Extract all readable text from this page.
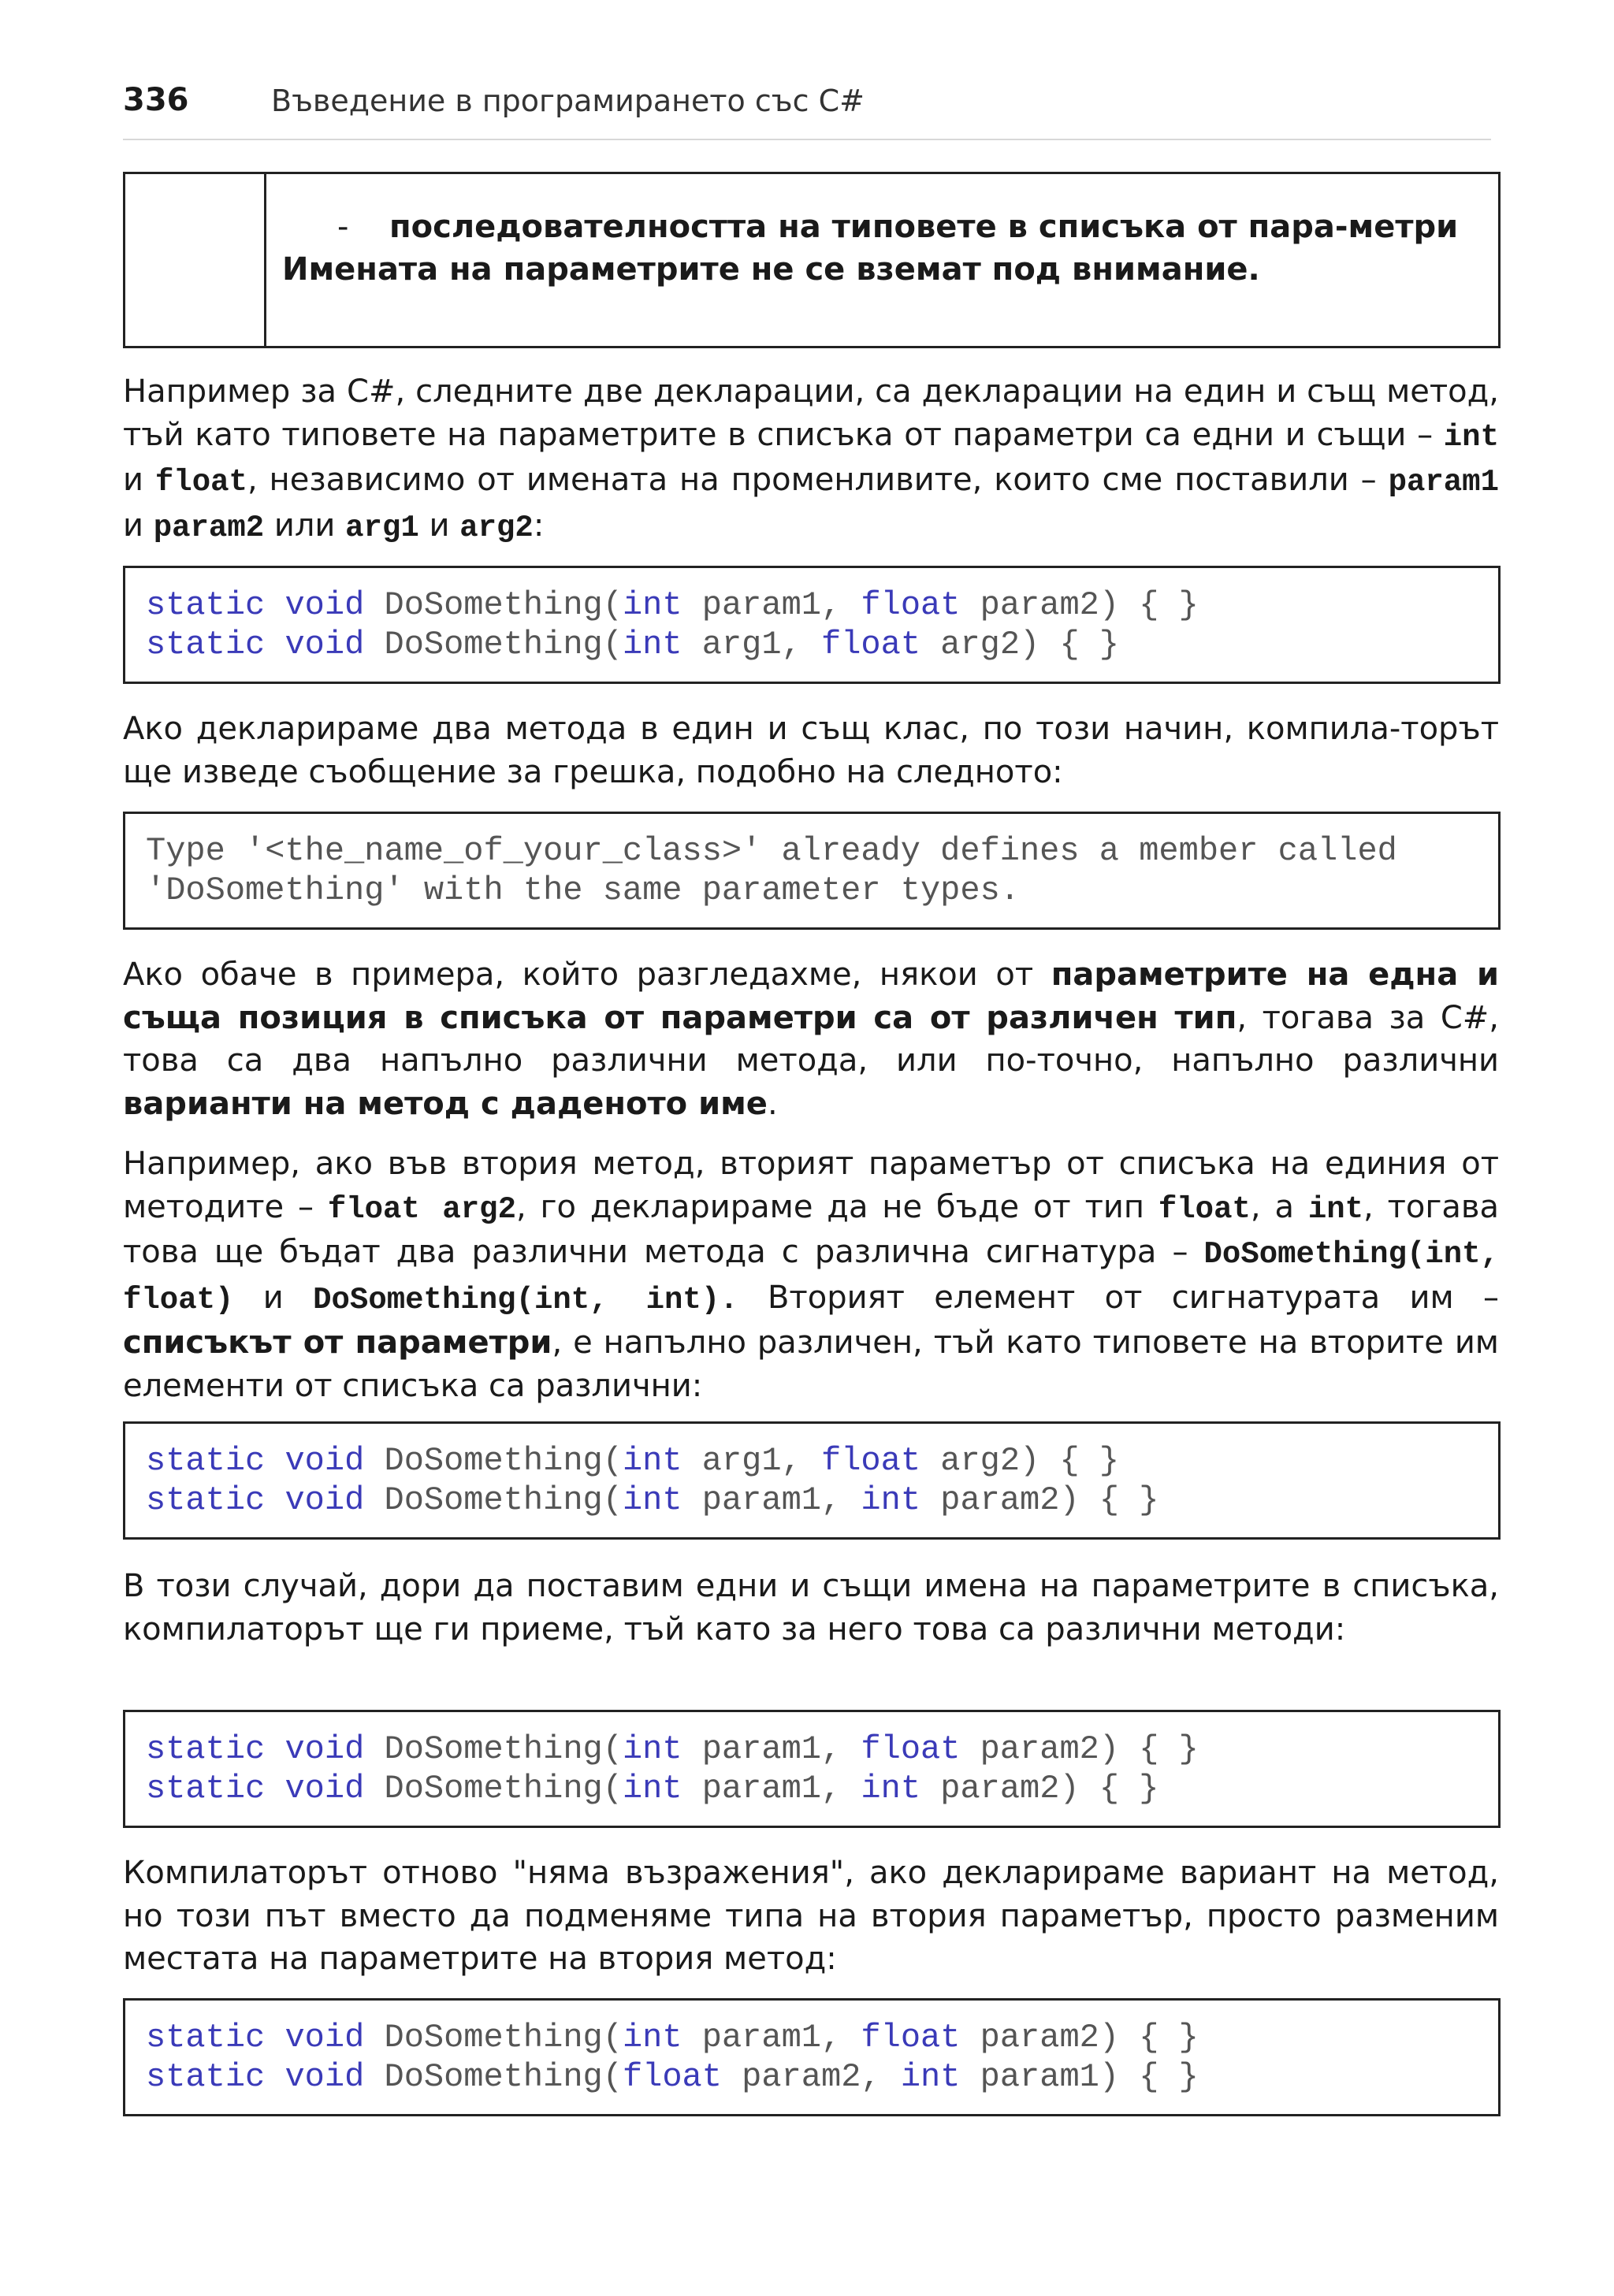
336	Въведение в програмирането със C#
-	последователността на типовете в списъка от пара-метри
Имената на параметрите не се вземат под внимание.

Например за C#, следните две декларации, са декларации на един и същ метод, тъй като типовете на параметрите в списъка от параметри са едни и същи – int и float, независимо от имената на променливите, които сме поставили – param1 и param2 или arg1 и arg2:

static void DoSomething(int param1, float param2) { }
static void DoSomething(int arg1, float arg2) { }

Ако декларираме два метода в един и същ клас, по този начин, компила-торът ще изведе съобщение за грешка, подобно на следното:

Type '<the_name_of_your_class>' already defines a member called
'DoSomething' with the same parameter types.

Ако обаче в примера, който разгледахме, някои от параметрите на една и съща позиция в списъка от параметри са от различен тип, тогава за C#, това са два напълно различни метода, или по-точно, напълно различни варианти на метод с даденото име.

Например, ако във втория метод, вторият параметър от списъка на единия от методите – float arg2, го декларираме да не бъде от тип float, а int, тогава това ще бъдат два различни метода с различна сигнатура – DoSomething(int, float) и DoSomething(int, int). Вторият елемент от сигнатурата им – списъкът от параметри, е напълно различен, тъй като типовете на вторите им елементи от списъка са различни:

static void DoSomething(int arg1, float arg2) { }
static void DoSomething(int param1, int param2) { }

В този случай, дори да поставим едни и същи имена на параметрите в списъка, компилаторът ще ги приеме, тъй като за него това са различни методи:

static void DoSomething(int param1, float param2) { }
static void DoSomething(int param1, int param2) { }

Компилаторът отново "няма възражения", ако декларираме вариант на метод, но този път вместо да подменяме типа на втория параметър, просто разменим местата на параметрите на втория метод:

static void DoSomething(int param1, float param2) { }
static void DoSomething(float param2, int param1) { }
